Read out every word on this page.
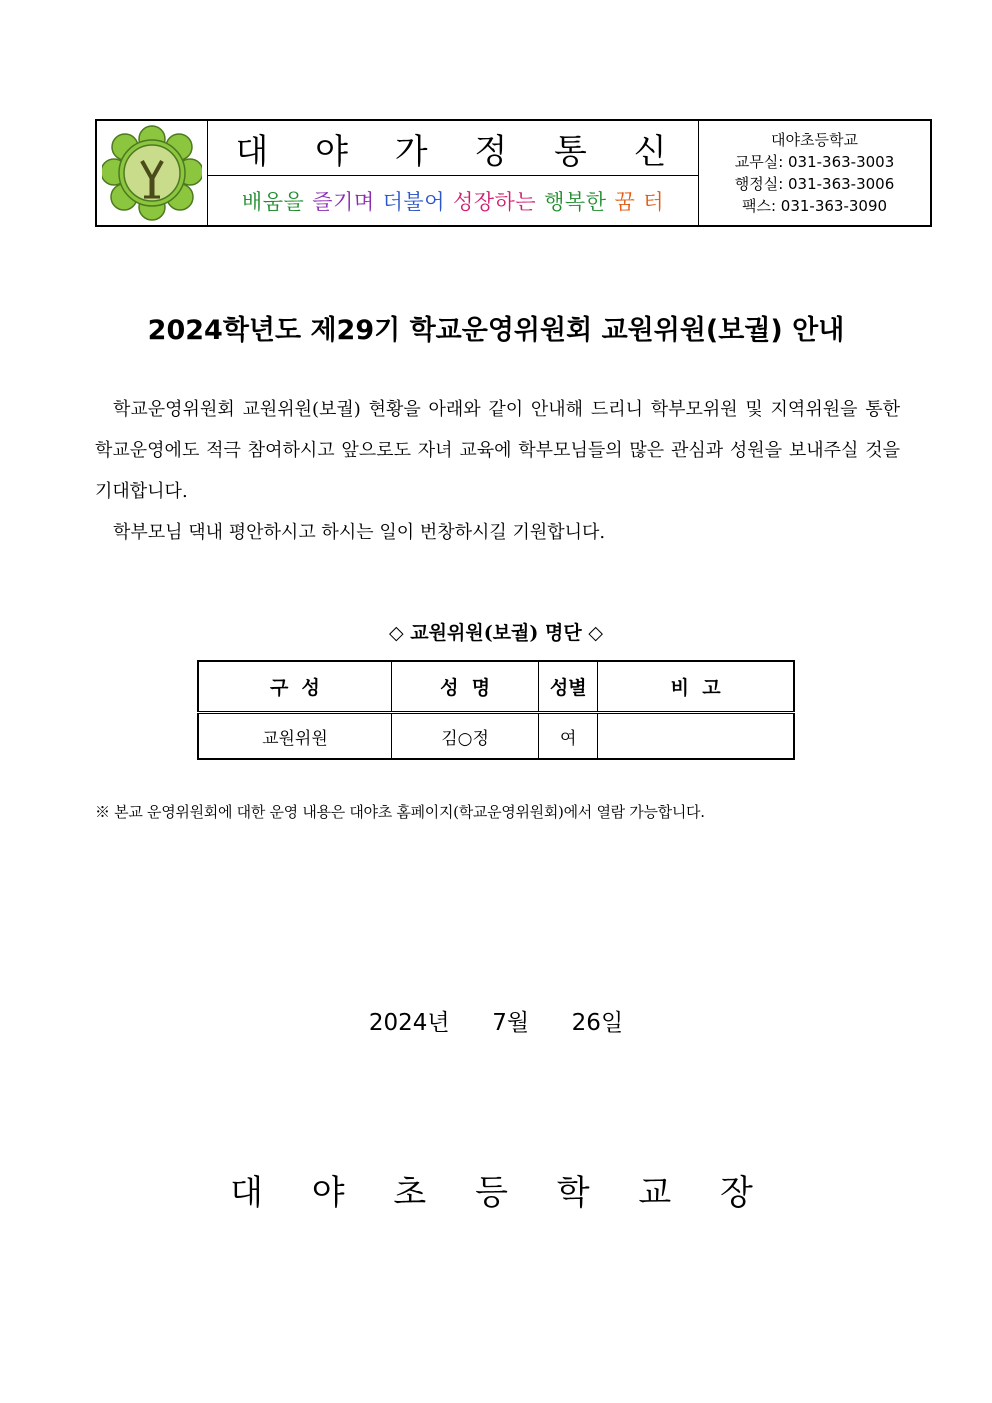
대 야 가 정 통 신
배움을 즐기며 더불어 성장하는 행복한 꿈 터
대야초등학교
교무실: 031-363-3003
행정실: 031-363-3006
팩스: 031-363-3090
2024학년도 제29기 학교운영위원회 교원위원(보궐) 안내

학교운영위원회 교원위원(보궐) 현황을 아래와 같이 안내해 드리니 학부모위원 및 지역위원을 통한 학교운영에도 적극 참여하시고 앞으로도 자녀 교육에 학부모님들의 많은 관심과 성원을 보내주실 것을 기대합니다.

학부모님 댁내 평안하시고 하시는 일이 번창하시길 기원합니다.

◇ 교원위원(보궐) 명단 ◇
구  성	성  명	성별	비  고
교원위원	김○정	여	
※ 본교 운영위원회에 대한 운영 내용은 대야초 홈페이지(학교운영위원회)에서 열람 가능합니다.
2024년  7월  26일
대 야 초 등 학 교 장
